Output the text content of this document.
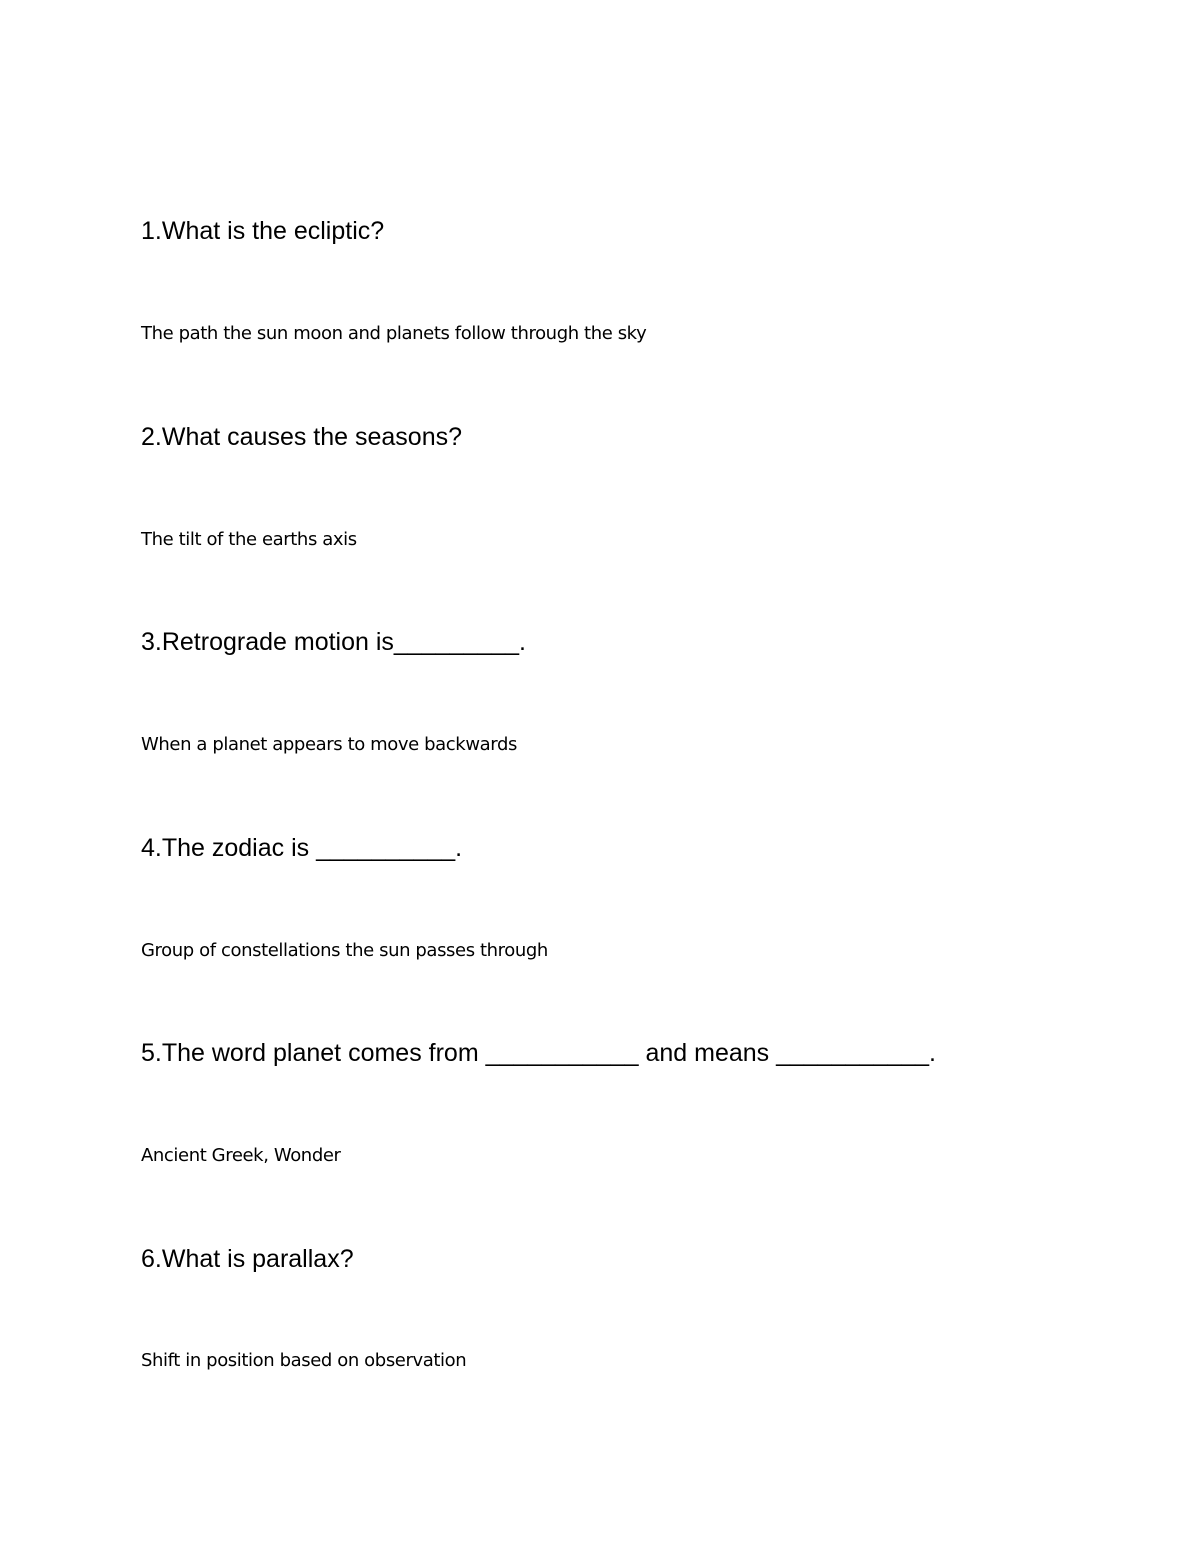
1.What is the ecliptic?
The path the sun moon and planets follow through the sky
2.What causes the seasons?
The tilt of the earths axis
3.Retrograde motion is_________.
When a planet appears to move backwards
4.The zodiac is __________.
Group of constellations the sun passes through
5.The word planet comes from ___________ and means ___________.
Ancient Greek, Wonder
6.What is parallax?
Shift in position based on observation
